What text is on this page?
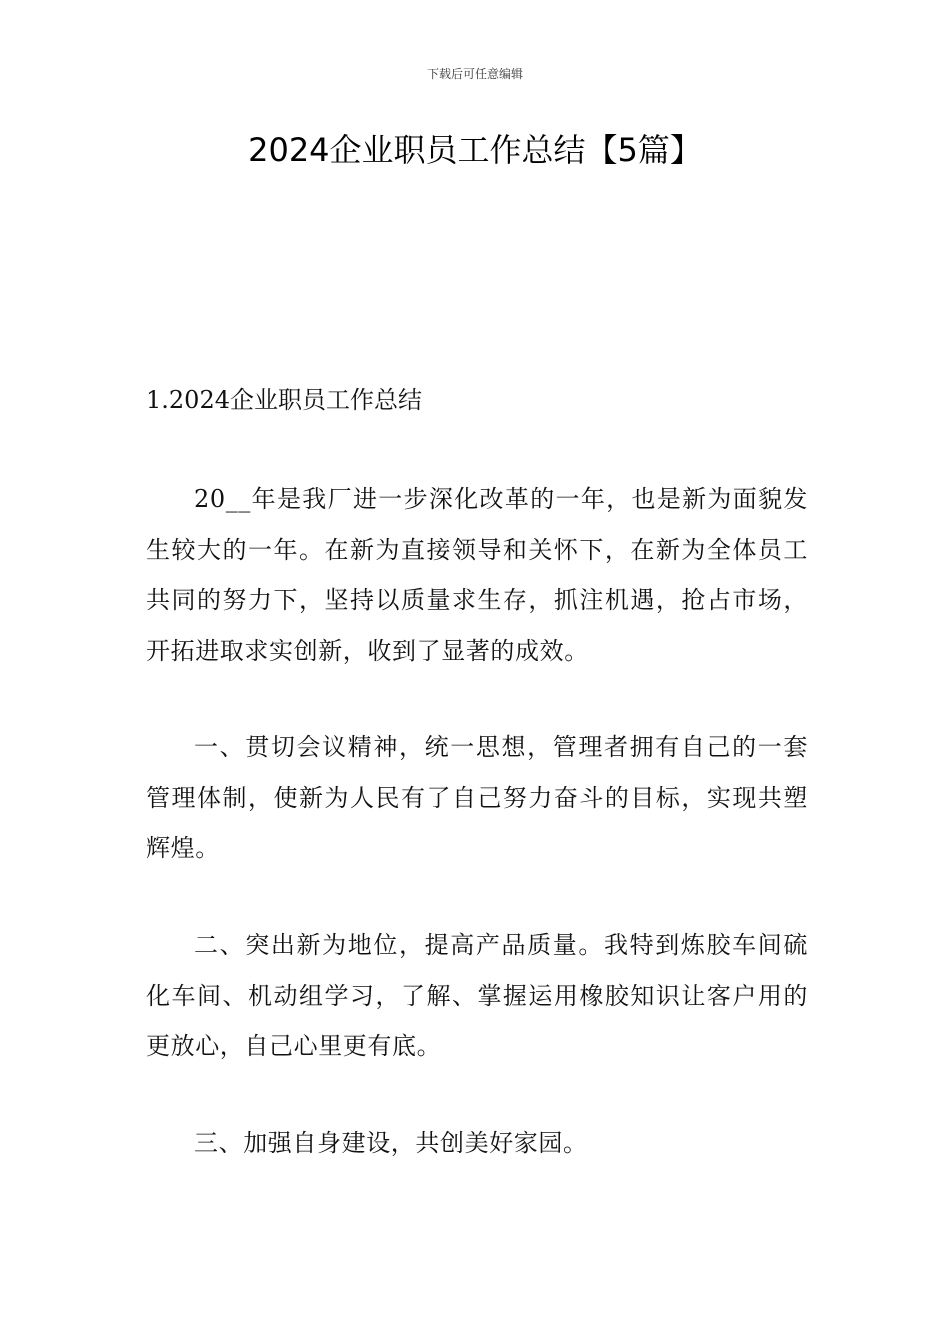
下载后可任意编辑
2024企业职员工作总结【5篇】
1.2024企业职员工作总结

20__年是我厂进一步深化改革的一年，也是新为面貌发生较大的一年。在新为直接领导和关怀下，在新为全体员工共同的努力下，坚持以质量求生存，抓注机遇，抢占市场，开拓进取求实创新，收到了显著的成效。

一、贯切会议精神，统一思想，管理者拥有自己的一套管理体制，使新为人民有了自己努力奋斗的目标，实现共塑辉煌。

二、突出新为地位，提高产品质量。我特到炼胶车间硫化车间、机动组学习，了解、掌握运用橡胶知识让客户用的更放心，自己心里更有底。

三、加强自身建设，共创美好家园。
